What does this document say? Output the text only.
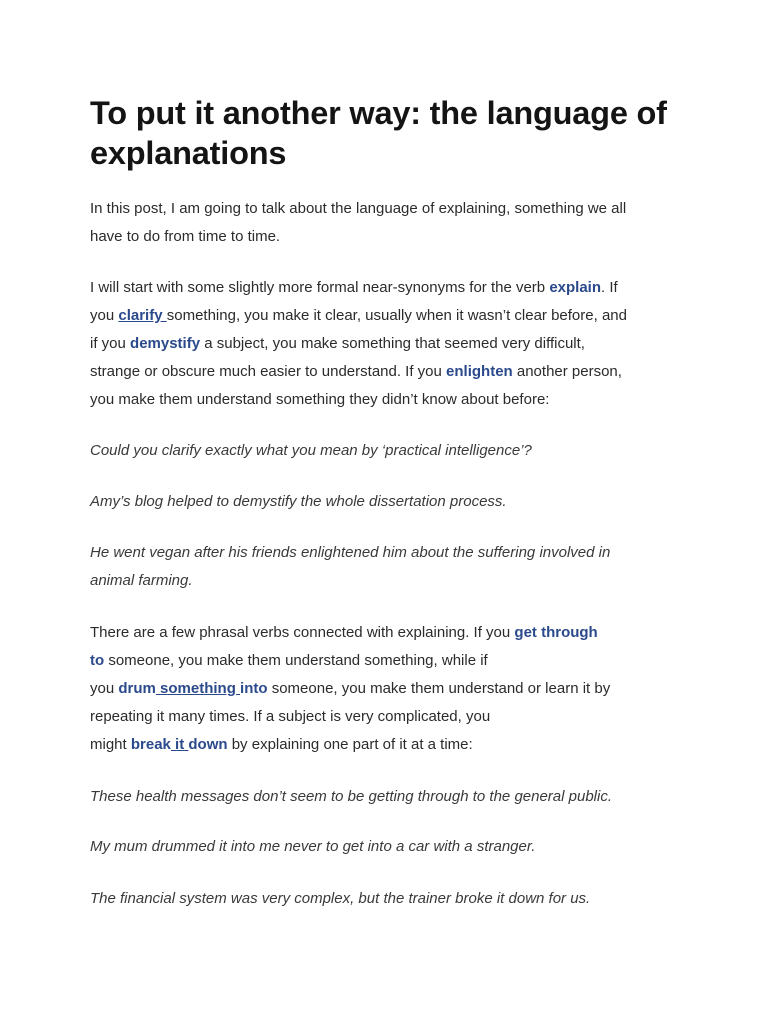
To put it another way: the language of explanations

In this post, I am going to talk about the language of explaining, something we all
have to do from time to time.

I will start with some slightly more formal near-synonyms for the verb explain. If
you clarify something, you make it clear, usually when it wasn’t clear before, and
if you demystify a subject, you make something that seemed very difficult,
strange or obscure much easier to understand. If you enlighten another person,
you make them understand something they didn’t know about before:

Could you clarify exactly what you mean by ‘practical intelligence’?

Amy’s blog helped to demystify the whole dissertation process.

He went vegan after his friends enlightened him about the suffering involved in
animal farming.

There are a few phrasal verbs connected with explaining. If you get through
to someone, you make them understand something, while if
you drum something into someone, you make them understand or learn it by
repeating it many times. If a subject is very complicated, you
might break it down by explaining one part of it at a time:

These health messages don’t seem to be getting through to the general public.

My mum drummed it into me never to get into a car with a stranger.

The financial system was very complex, but the trainer broke it down for us.
